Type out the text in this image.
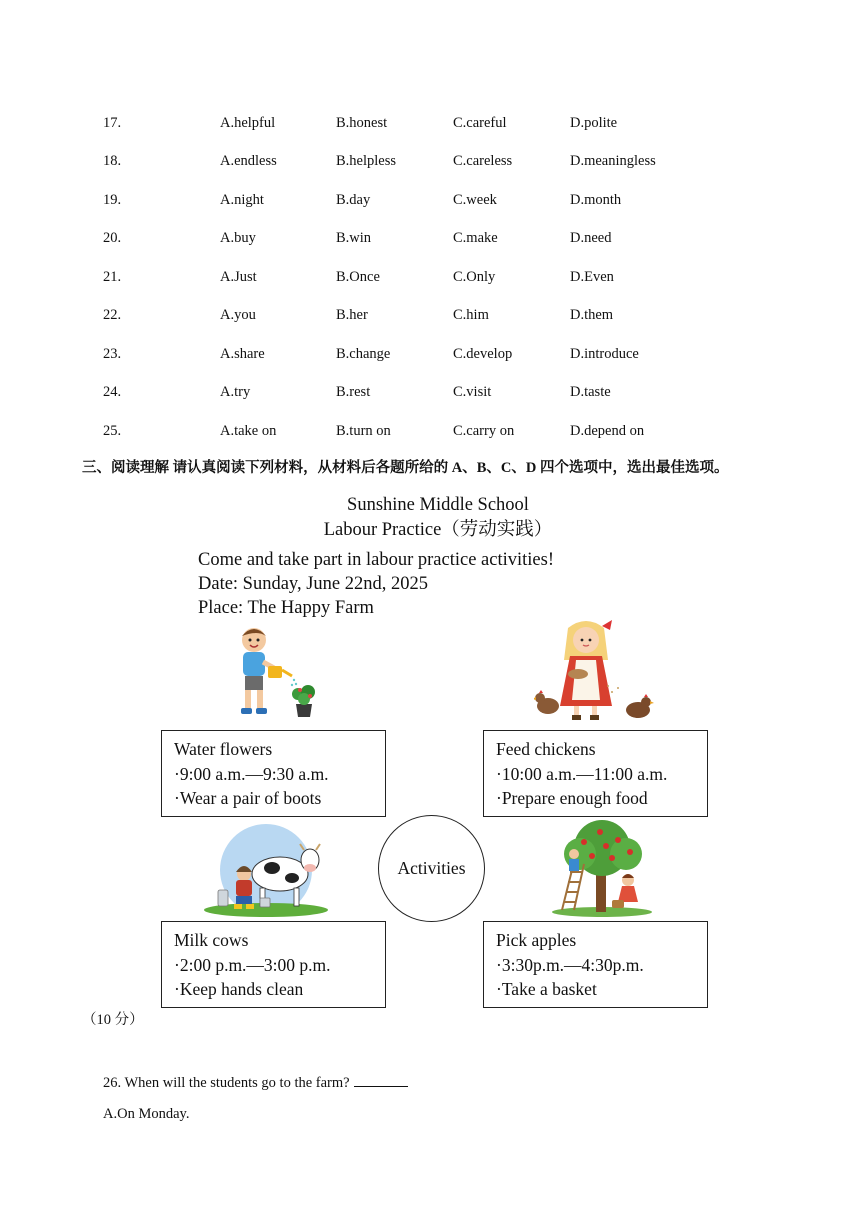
17.	A.helpful	B.honest	C.careful	D.polite
18.	A.endless	B.helpless	C.careless	D.meaningless
19.	A.night	B.day	C.week	D.month
20.	A.buy	B.win	C.make	D.need
21.	A.Just	B.Once	C.Only	D.Even
22.	A.you	B.her	C.him	D.them
23.	A.share	B.change	C.develop	D.introduce
24.	A.try	B.rest	C.visit	D.taste
25.	A.take on	B.turn on	C.carry on	D.depend on
三、阅读理解 请认真阅读下列材料，从材料后各题所给的 A、B、C、D 四个选项中，选出最佳选项。
Sunshine Middle School
Labour Practice（劳动实践）
Come and take part in labour practice activities!
Date: Sunday, June 22nd, 2025
Place: The Happy Farm
Water flowers
·9:00 a.m.—9:30 a.m.
·Wear a pair of boots
Feed chickens
·10:00 a.m.—11:00 a.m.
·Prepare enough food
Activities
Milk cows
·2:00 p.m.—3:00 p.m.
·Keep hands clean
Pick apples
·3:30p.m.—4:30p.m.
·Take a basket
（10 分）
26. When will the students go to the farm?
A.On Monday.
